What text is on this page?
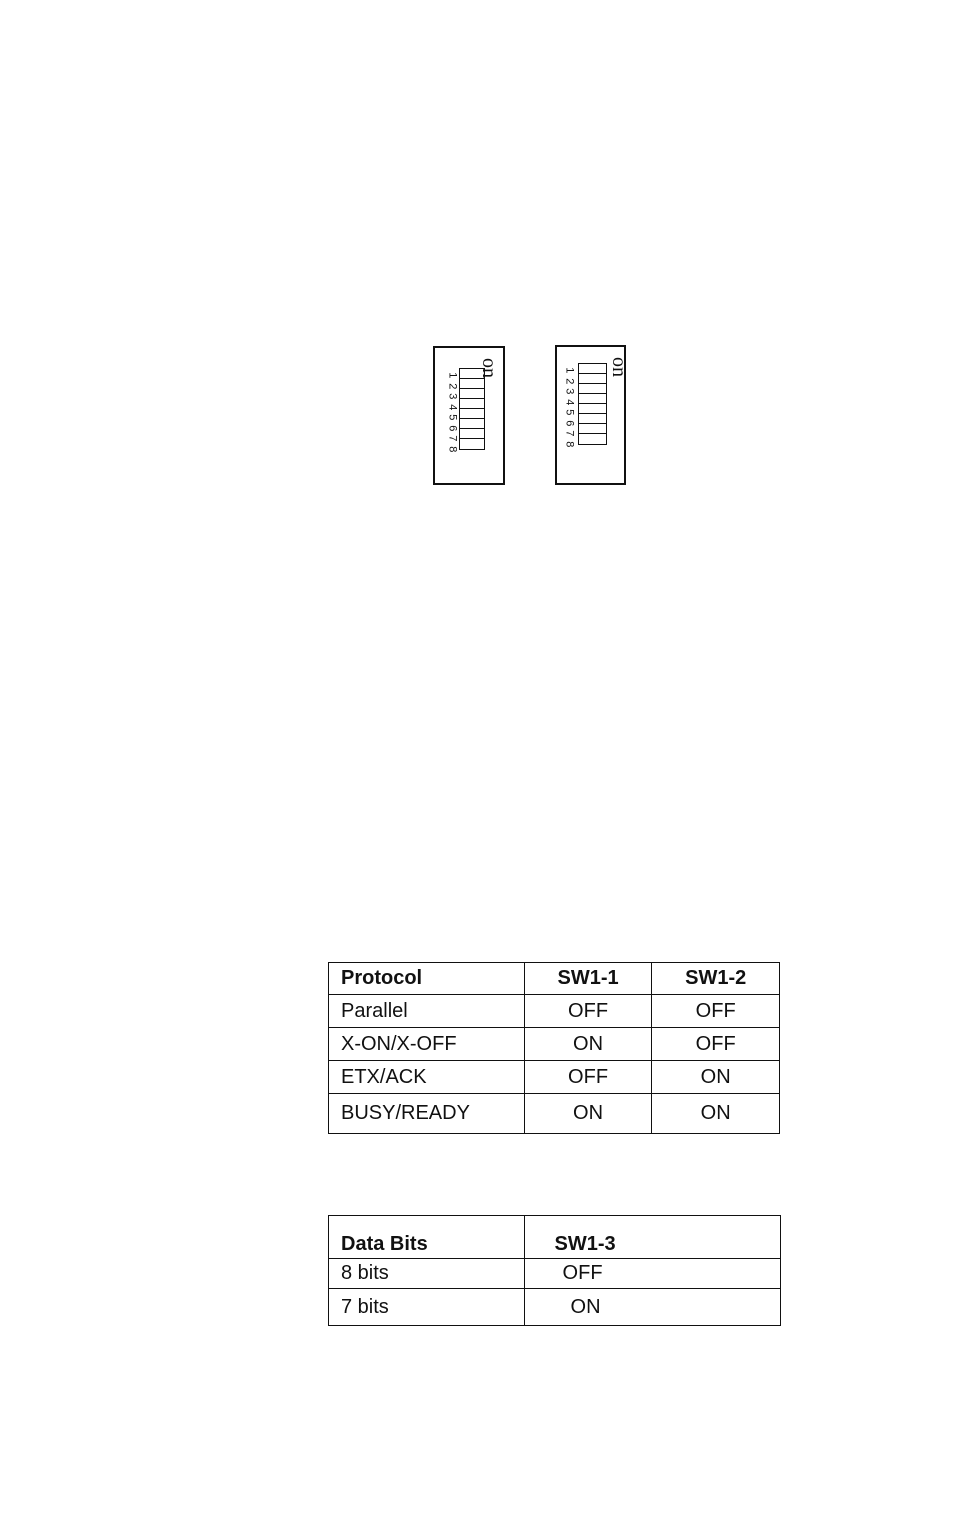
on
1
2
3
4
5
6
7
8
on
1
2
3
4
5
6
7
8
Protocol	SW1-1	SW1-2
Parallel	OFF	OFF
X-ON/X-OFF	ON	OFF
ETX/ACK	OFF	ON
BUSY/READY	ON	ON
Data Bits	SW1-3
8 bits	OFF
7 bits	ON
